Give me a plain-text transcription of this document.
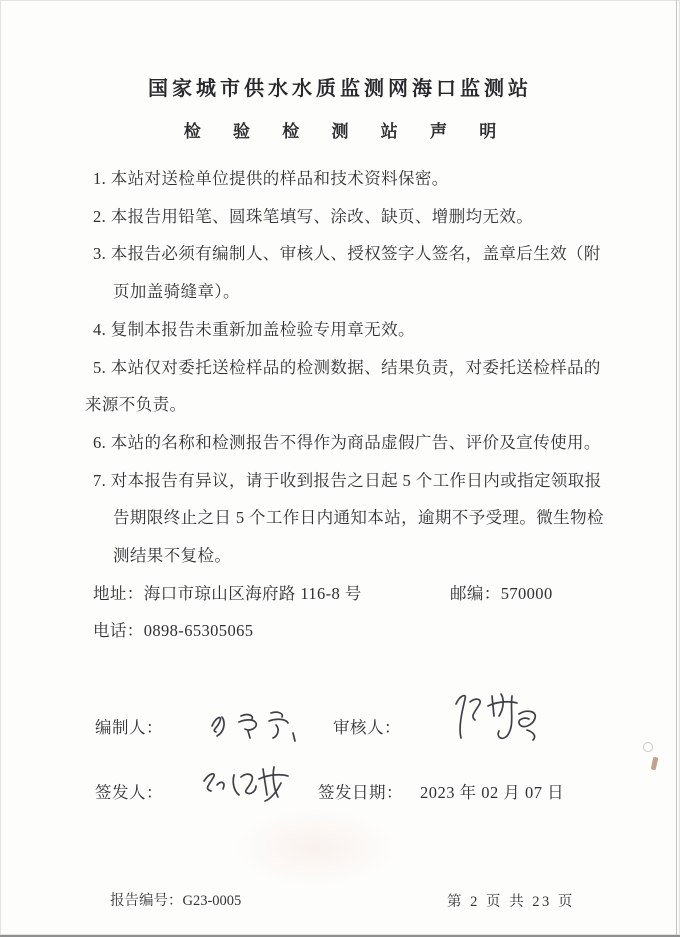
国家城市供水水质监测网海口监测站
检 验 检 测 站 声 明
1. 本站对送检单位提供的样品和技术资料保密。
2. 本报告用铅笔、圆珠笔填写、涂改、缺页、增删均无效。
3. 本报告必须有编制人、审核人、授权签字人签名，盖章后生效（附
页加盖骑缝章）。
4. 复制本报告未重新加盖检验专用章无效。
5. 本站仅对委托送检样品的检测数据、结果负责，对委托送检样品的
来源不负责。
6. 本站的名称和检测报告不得作为商品虚假广告、评价及宣传使用。
7. 对本报告有异议，请于收到报告之日起 5 个工作日内或指定领取报
告期限终止之日 5 个工作日内通知本站，逾期不予受理。微生物检
测结果不复检。
地址：海口市琼山区海府路 116-8 号	邮编：570000
电话：0898-65305065
编制人：	审核人：
签发人：	签发日期： 2023 年 02 月 07 日
报告编号：G23-0005	第 2 页 共 23 页
